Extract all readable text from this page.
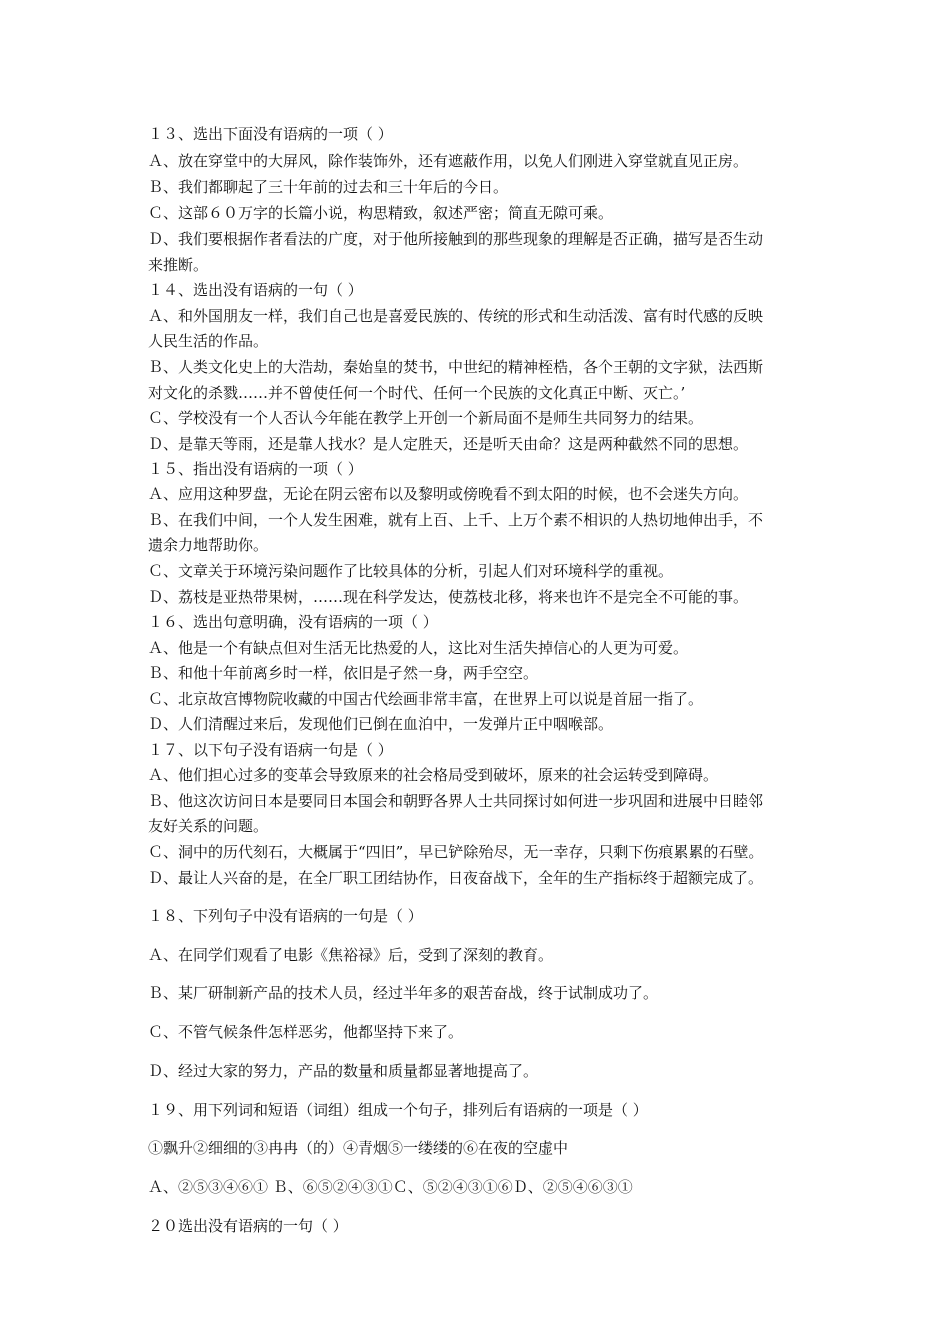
１３、选出下面没有语病的一项（ ）
Ａ、放在穿堂中的大屏风，除作装饰外，还有遮蔽作用，以免人们刚进入穿堂就直见正房。
Ｂ、我们都聊起了三十年前的过去和三十年后的今日。
Ｃ、这部６０万字的长篇小说，构思精致，叙述严密；简直无隙可乘。
Ｄ、我们要根据作者看法的广度，对于他所接触到的那些现象的理解是否正确，描写是否生动
来推断。
１４、选出没有语病的一句（ ）
Ａ、和外国朋友一样，我们自己也是喜爱民族的、传统的形式和生动活泼、富有时代感的反映
人民生活的作品。
Ｂ、人类文化史上的大浩劫，秦始皇的焚书，中世纪的精神桎梏，各个王朝的文字狱，法西斯
对文化的杀戮……并不曾使任何一个时代、任何一个民族的文化真正中断、灭亡。’
Ｃ、学校没有一个人否认今年能在教学上开创一个新局面不是师生共同努力的结果。
Ｄ、是靠天等雨，还是靠人找水？是人定胜天，还是听天由命？这是两种截然不同的思想。
１５、指出没有语病的一项（ ）
Ａ、应用这种罗盘，无论在阴云密布以及黎明或傍晚看不到太阳的时候，也不会迷失方向。
Ｂ、在我们中间，一个人发生困难，就有上百、上千、上万个素不相识的人热切地伸出手，不
遗余力地帮助你。
Ｃ、文章关于环境污染问题作了比较具体的分析，引起人们对环境科学的重视。
Ｄ、荔枝是亚热带果树，……现在科学发达，使荔枝北移，将来也许不是完全不可能的事。
１６、选出句意明确，没有语病的一项（ ）
Ａ、他是一个有缺点但对生活无比热爱的人，这比对生活失掉信心的人更为可爱。
Ｂ、和他十年前离乡时一样，依旧是孑然一身，两手空空。
Ｃ、北京故宫博物院收藏的中国古代绘画非常丰富，在世界上可以说是首屈一指了。
Ｄ、人们清醒过来后，发现他们已倒在血泊中，一发弹片正中咽喉部。
１７、以下句子没有语病一句是（ ）
Ａ、他们担心过多的变革会导致原来的社会格局受到破坏，原来的社会运转受到障碍。
Ｂ、他这次访问日本是要同日本国会和朝野各界人士共同探讨如何进一步巩固和进展中日睦邻
友好关系的问题。
Ｃ、洞中的历代刻石，大概属于“四旧”，早已铲除殆尽，无一幸存，只剩下伤痕累累的石壁。
Ｄ、最让人兴奋的是，在全厂职工团结协作，日夜奋战下，全年的生产指标终于超额完成了。
１８、下列句子中没有语病的一句是（ ）
Ａ、在同学们观看了电影《焦裕禄》后，受到了深刻的教育。
Ｂ、某厂研制新产品的技术人员，经过半年多的艰苦奋战，终于试制成功了。
Ｃ、不管气候条件怎样恶劣，他都坚持下来了。
Ｄ、经过大家的努力，产品的数量和质量都显著地提高了。
１９、用下列词和短语（词组）组成一个句子，排列后有语病的一项是（ ）
①飘升②细细的③冉冉（的）④青烟⑤一缕缕的⑥在夜的空虚中
Ａ、②⑤③④⑥① Ｂ、⑥⑤②④③①Ｃ、⑤②④③①⑥Ｄ、②⑤④⑥③①
２０选出没有语病的一句（ ）
